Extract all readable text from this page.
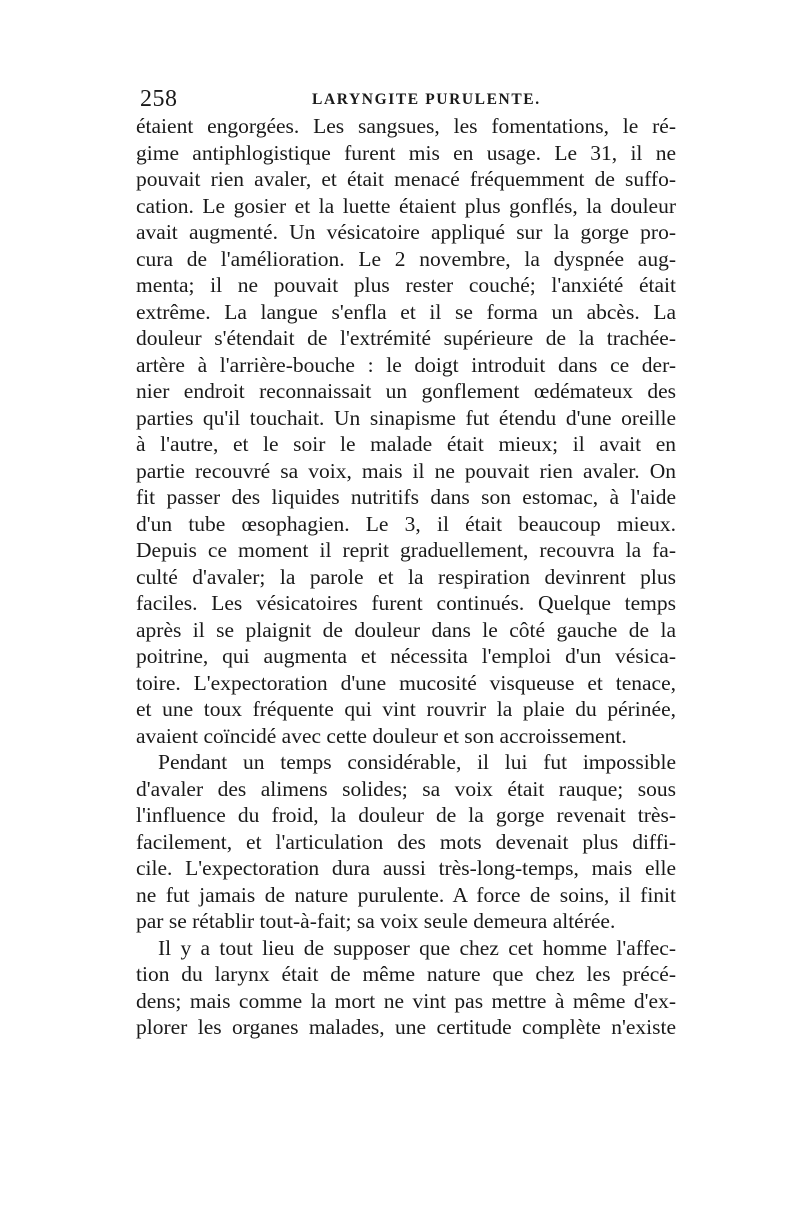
258	LARYNGITE PURULENTE.
étaient engorgées. Les sangsues, les fomentations, le ré-
gime antiphlogistique furent mis en usage. Le 31, il ne
pouvait rien avaler, et était menacé fréquemment de suffo-
cation. Le gosier et la luette étaient plus gonflés, la douleur
avait augmenté. Un vésicatoire appliqué sur la gorge pro-
cura de l'amélioration. Le 2 novembre, la dyspnée aug-
menta; il ne pouvait plus rester couché; l'anxiété était
extrême. La langue s'enfla et il se forma un abcès. La
douleur s'étendait de l'extrémité supérieure de la trachée-
artère à l'arrière-bouche : le doigt introduit dans ce der-
nier endroit reconnaissait un gonflement œdémateux des
parties qu'il touchait. Un sinapisme fut étendu d'une oreille
à l'autre, et le soir le malade était mieux; il avait en
partie recouvré sa voix, mais il ne pouvait rien avaler. On
fit passer des liquides nutritifs dans son estomac, à l'aide
d'un tube œsophagien. Le 3, il était beaucoup mieux.
Depuis ce moment il reprit graduellement, recouvra la fa-
culté d'avaler; la parole et la respiration devinrent plus
faciles. Les vésicatoires furent continués. Quelque temps
après il se plaignit de douleur dans le côté gauche de la
poitrine, qui augmenta et nécessita l'emploi d'un vésica-
toire. L'expectoration d'une mucosité visqueuse et tenace,
et une toux fréquente qui vint rouvrir la plaie du périnée,
avaient coïncidé avec cette douleur et son accroissement.
Pendant un temps considérable, il lui fut impossible
d'avaler des alimens solides; sa voix était rauque; sous
l'influence du froid, la douleur de la gorge revenait très-
facilement, et l'articulation des mots devenait plus diffi-
cile. L'expectoration dura aussi très-long-temps, mais elle
ne fut jamais de nature purulente. A force de soins, il finit
par se rétablir tout-à-fait; sa voix seule demeura altérée.
Il y a tout lieu de supposer que chez cet homme l'affec-
tion du larynx était de même nature que chez les précé-
dens; mais comme la mort ne vint pas mettre à même d'ex-
plorer les organes malades, une certitude complète n'existe
